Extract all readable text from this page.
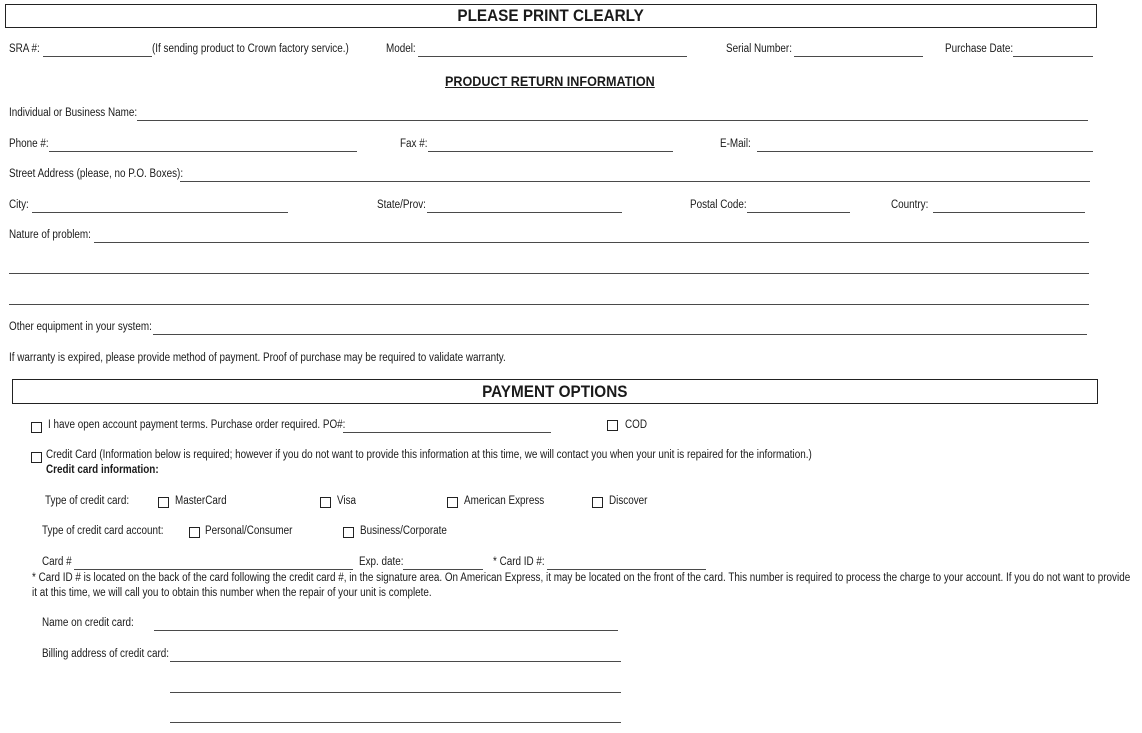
PLEASE PRINT CLEARLY
SRA #:	(If sending product to Crown factory service.)	Model:	Serial Number:	Purchase Date:
PRODUCT RETURN INFORMATION
Individual or Business Name:
Phone #:	Fax #:	E-Mail:
Street Address (please, no P.O. Boxes):
City:	State/Prov:	Postal Code:	Country:
Nature of problem:
Other equipment in your system:
If warranty is expired, please provide method of payment. Proof of purchase may be required to validate warranty.
PAYMENT OPTIONS
I have open account payment terms. Purchase order required. PO#:	COD
Credit Card (Information below is required; however if you do not want to provide this information at this time, we will contact you when your unit is repaired for the information.)
Credit card information:
Type of credit card:	MasterCard	Visa	American Express	Discover
Type of credit card account:	Personal/Consumer	Business/Corporate
Card #	Exp. date:	* Card ID #:
* Card ID # is located on the back of the card following the credit card #, in the signature area. On American Express, it may be located on the front of the card. This number is required to process the charge to your account. If you do not want to provide
it at this time, we will call you to obtain this number when the repair of your unit is complete.
Name on credit card:
Billing address of credit card:
